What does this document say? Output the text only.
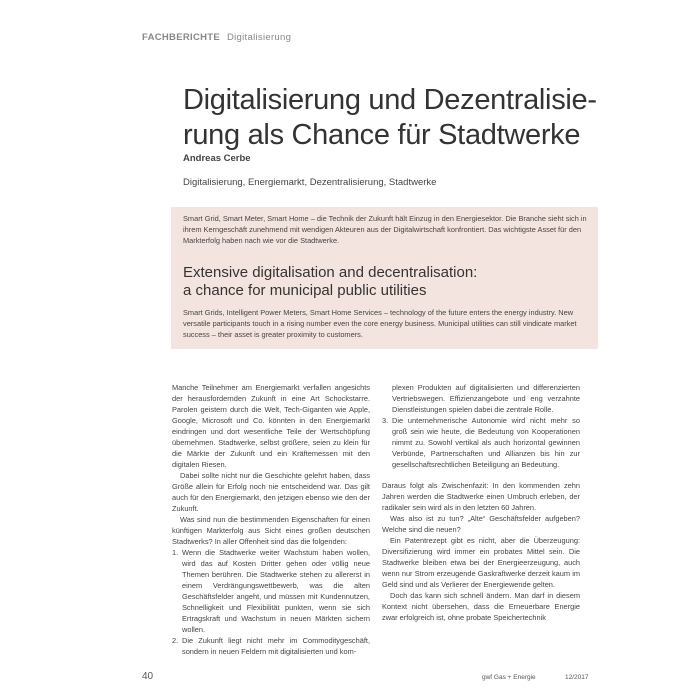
FACHBERICHTE Digitalisierung
Digitalisierung und Dezentralisie-
rung als Chance für Stadtwerke
Andreas Cerbe
Digitalisierung, Energiemarkt, Dezentralisierung, Stadtwerke

Smart Grid, Smart Meter, Smart Home – die Technik der Zukunft hält Einzug in den Energiesektor. Die Branche sieht sich in ihrem Kerngeschäft zunehmend mit wendigen Akteuren aus der Digitalwirtschaft konfrontiert. Das wichtigste Asset für den Markterfolg haben nach wie vor die Stadtwerke.

Extensive digitalisation and decentralisation:
a chance for municipal public utilities

Smart Grids, Intelligent Power Meters, Smart Home Services – technology of the future enters the energy industry. New versatile participants touch in a rising number even the core energy business. Municipal utilities can still vindicate market success – their asset is greater proximity to customers.

Manche Teilnehmer am Energiemarkt verfallen angesichts der herausfordernden Zukunft in eine Art Schockstarre. Parolen geistern durch die Welt, Tech-Giganten wie Apple, Google, Microsoft und Co. könnten in den Energiemarkt eindringen und dort wesentliche Teile der Wertschöpfung übernehmen. Stadtwerke, selbst größere, seien zu klein für die Märkte der Zukunft und ein Kräftemessen mit den digitalen Riesen.

Dabei sollte nicht nur die Geschichte gelehrt haben, dass Größe allein für Erfolg noch nie entscheidend war. Das gilt auch für den Energiemarkt, den jetzigen ebenso wie den der Zukunft.

Was sind nun die bestimmenden Eigenschaften für einen künftigen Markterfolg aus Sicht eines großen deutschen Stadtwerks? In aller Offenheit sind das die folgenden:

1. Wenn die Stadtwerke weiter Wachstum haben wollen, wird das auf Kosten Dritter gehen oder völlig neue Themen berühren. Die Stadtwerke stehen zu allererst in einem Verdrängungswettbewerb, was die alten Geschäftsfelder angeht, und müssen mit Kundennutzen, Schnelligkeit und Flexibilität punkten, wenn sie sich Ertragskraft und Wachstum in neuen Märkten sichern wollen.
2. Die Zukunft liegt nicht mehr im Commoditygeschäft, sondern in neuen Feldern mit digitalisierten und kom-
plexen Produkten auf digitalisierten und differenzierten Vertriebswegen. Effizienzangebote und eng verzahnte Dienstleistungen spielen dabei die zentrale Rolle.
3. Die unternehmerische Autonomie wird nicht mehr so groß sein wie heute, die Bedeutung von Kooperationen nimmt zu. Sowohl vertikal als auch horizontal gewinnen Verbünde, Partnerschaften und Allianzen bis hin zur gesellschaftsrechtlichen Beteiligung an Bedeutung.

Daraus folgt als Zwischenfazit: In den kommenden zehn Jahren werden die Stadtwerke einen Umbruch erleben, der radikaler sein wird als in den letzten 60 Jahren.

Was also ist zu tun? „Alte“ Geschäftsfelder aufgeben? Welche sind die neuen?

Ein Patentrezept gibt es nicht, aber die Überzeugung: Diversifizierung wird immer ein probates Mittel sein. Die Stadtwerke bleiben etwa bei der Energieerzeugung, auch wenn nur Strom erzeugende Gaskraftwerke derzeit kaum im Geld sind und als Verlierer der Energiewende gelten.

Doch das kann sich schnell ändern. Man darf in diesem Kontext nicht übersehen, dass die Erneuerbare Energie zwar erfolgreich ist, ohne probate Speichertechnik

40	gwf Gas + Energie	12/2017
